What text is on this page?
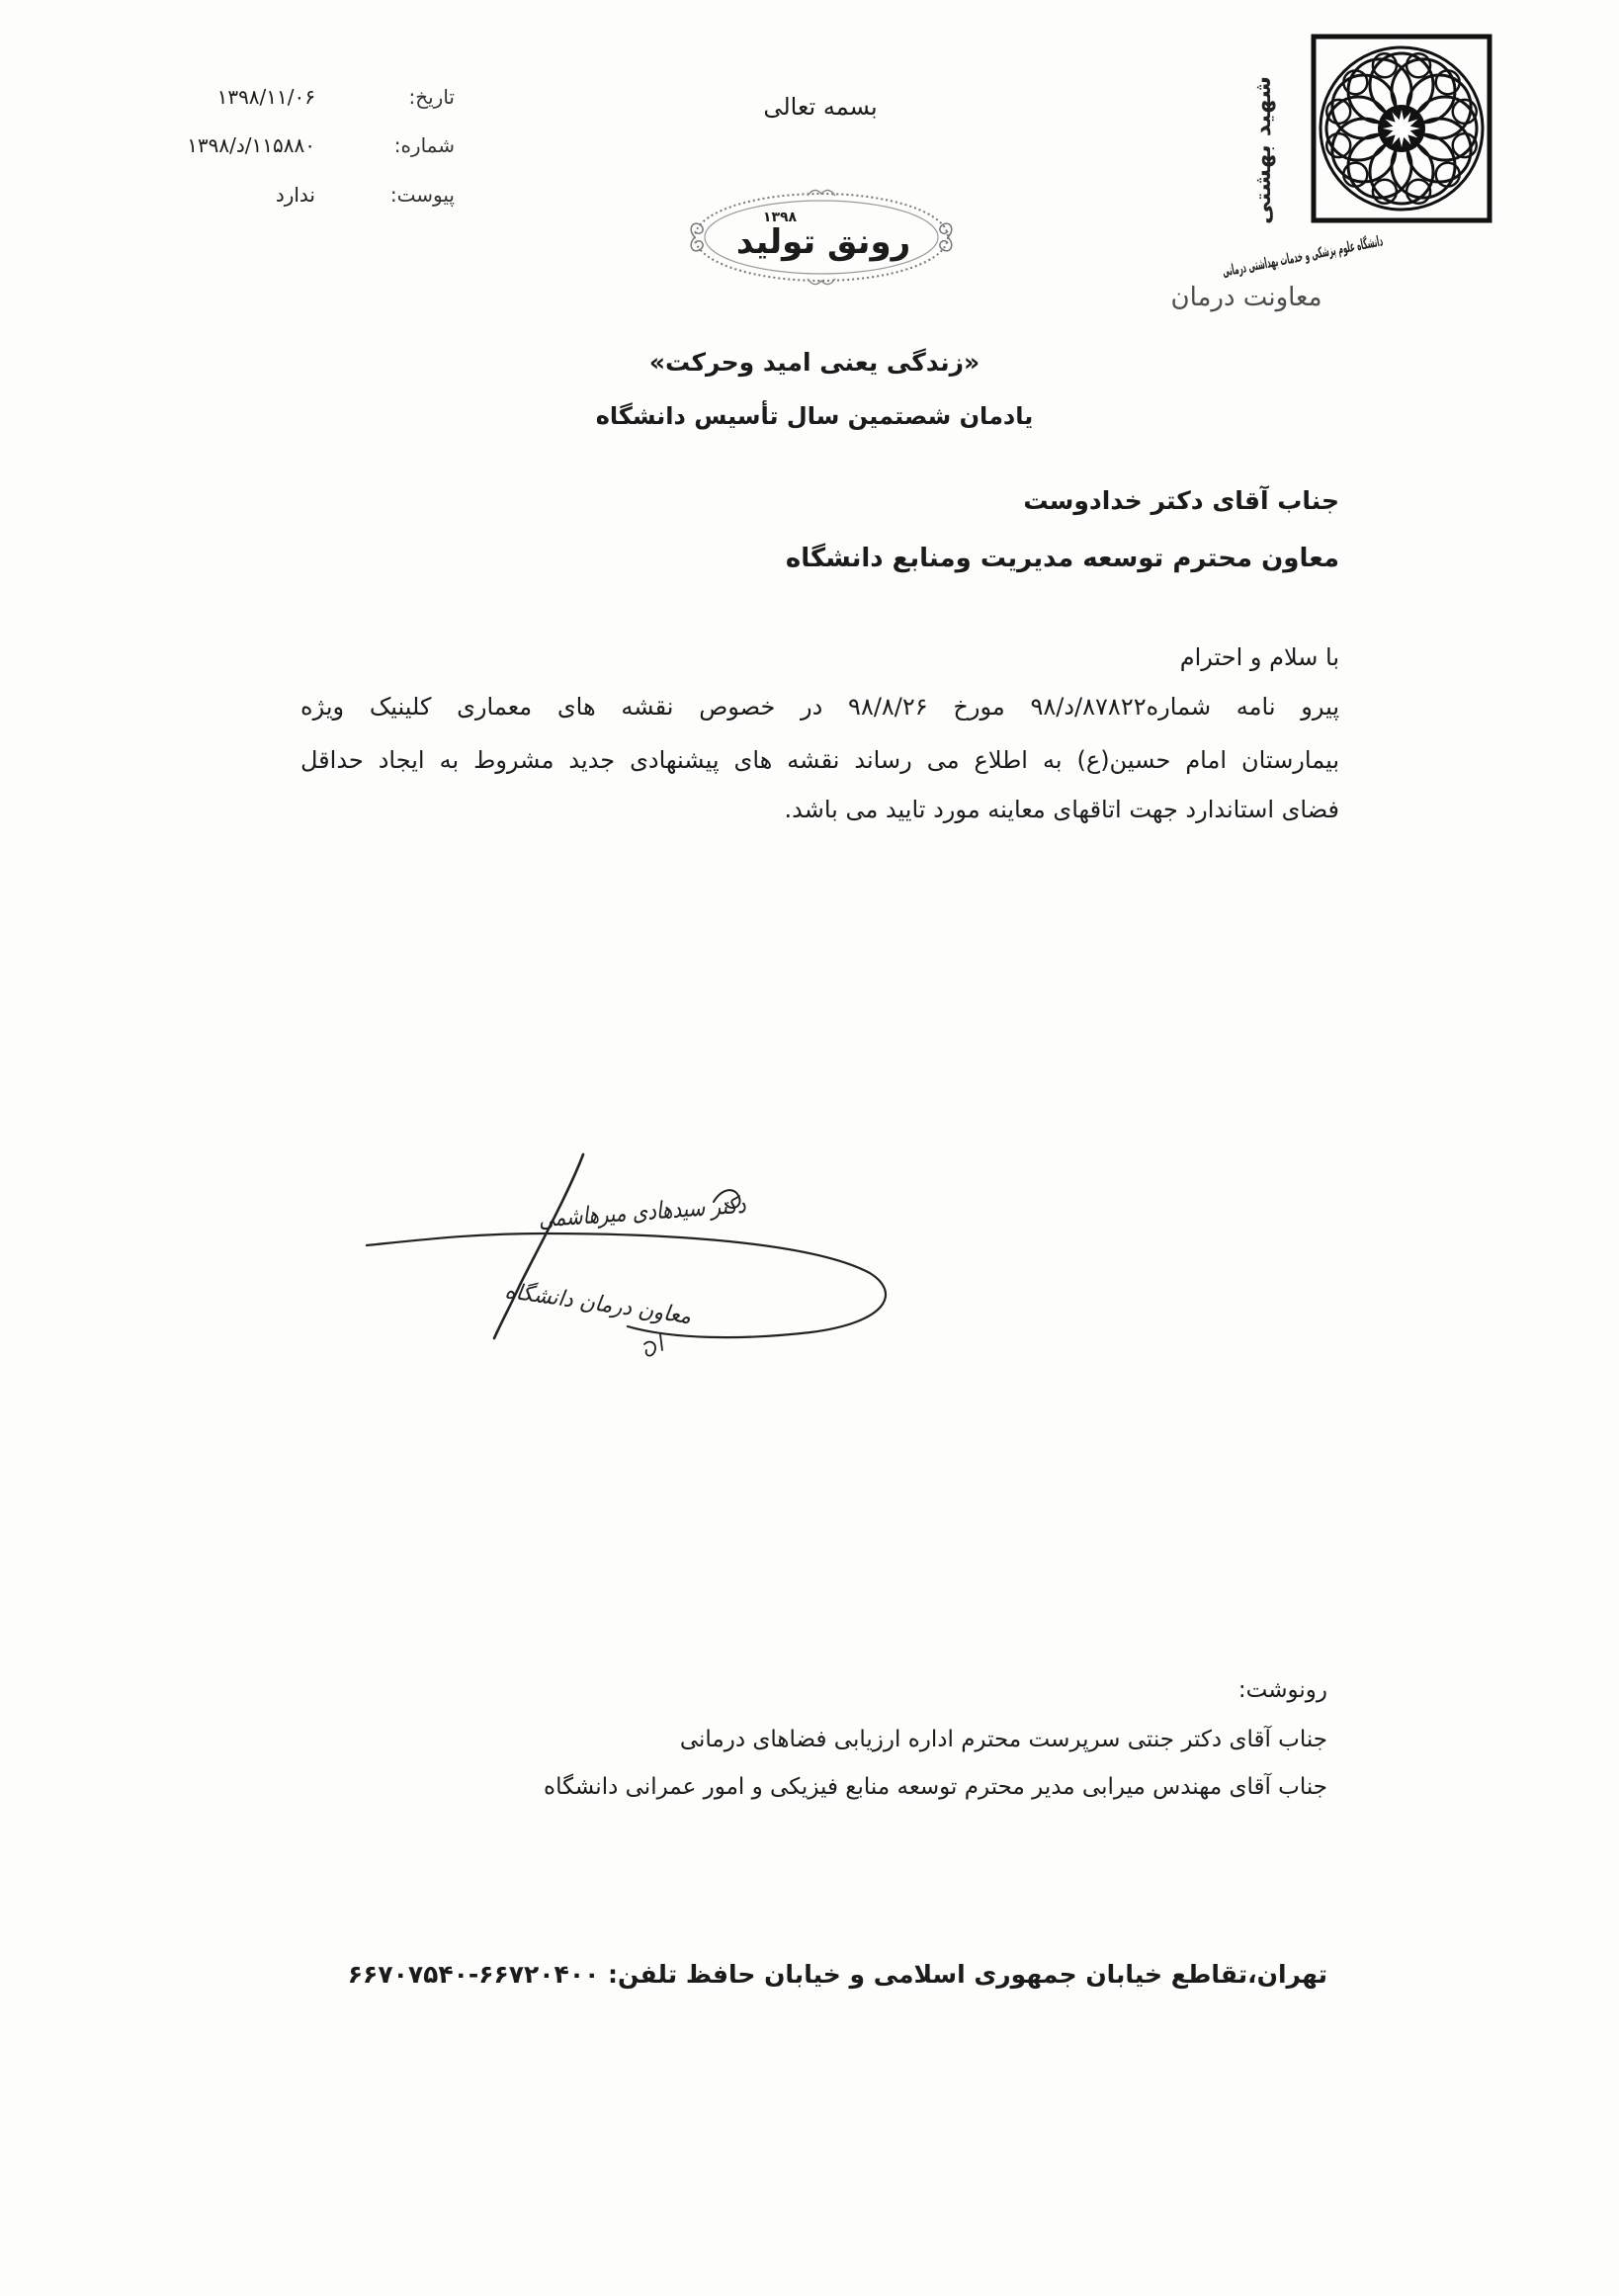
تاریخ:
۱۳۹۸/۱۱/۰۶
شماره:
۱۳۹۸/د/۱۱۵۸۸۰
پیوست:
ندارد
بسمه تعالی
رونق تولید
۱۳۹۸	شهید بهشتی
دانشگاه علوم پزشکی و خدمات بهداشتی درمانی
معاونت درمان
«زندگی یعنی امید وحرکت»
یادمان شصتمین سال تأسیس دانشگاه
جناب آقای دکتر خدادوست
معاون محترم توسعه مدیریت ومنابع دانشگاه
با سلام و احترام
پیرو نامه شماره۸۷۸۲۲/د/۹۸ مورخ ۹۸/۸/۲۶ در خصوص نقشه های معماری کلینیک ویژه
بیمارستان امام حسین(ع) به اطلاع می رساند نقشه های پیشنهادی جدید مشروط به ایجاد حداقل
فضای استاندارد جهت اتاقهای معاینه مورد تایید می باشد.
دکتر سیدهادی میرهاشمی
معاون درمان دانشگاه
رونوشت:
جناب آقای دکتر جنتی سرپرست محترم اداره ارزیابی فضاهای درمانی
جناب آقای مهندس میرابی مدیر محترم توسعه منابع فیزیکی و امور عمرانی دانشگاه
تهران،تقاطع خیابان جمهوری اسلامی و خیابان حافظ تلفن: ۶۶۷۲۰۴۰۰-۶۶۷۰۷۵۴۰
